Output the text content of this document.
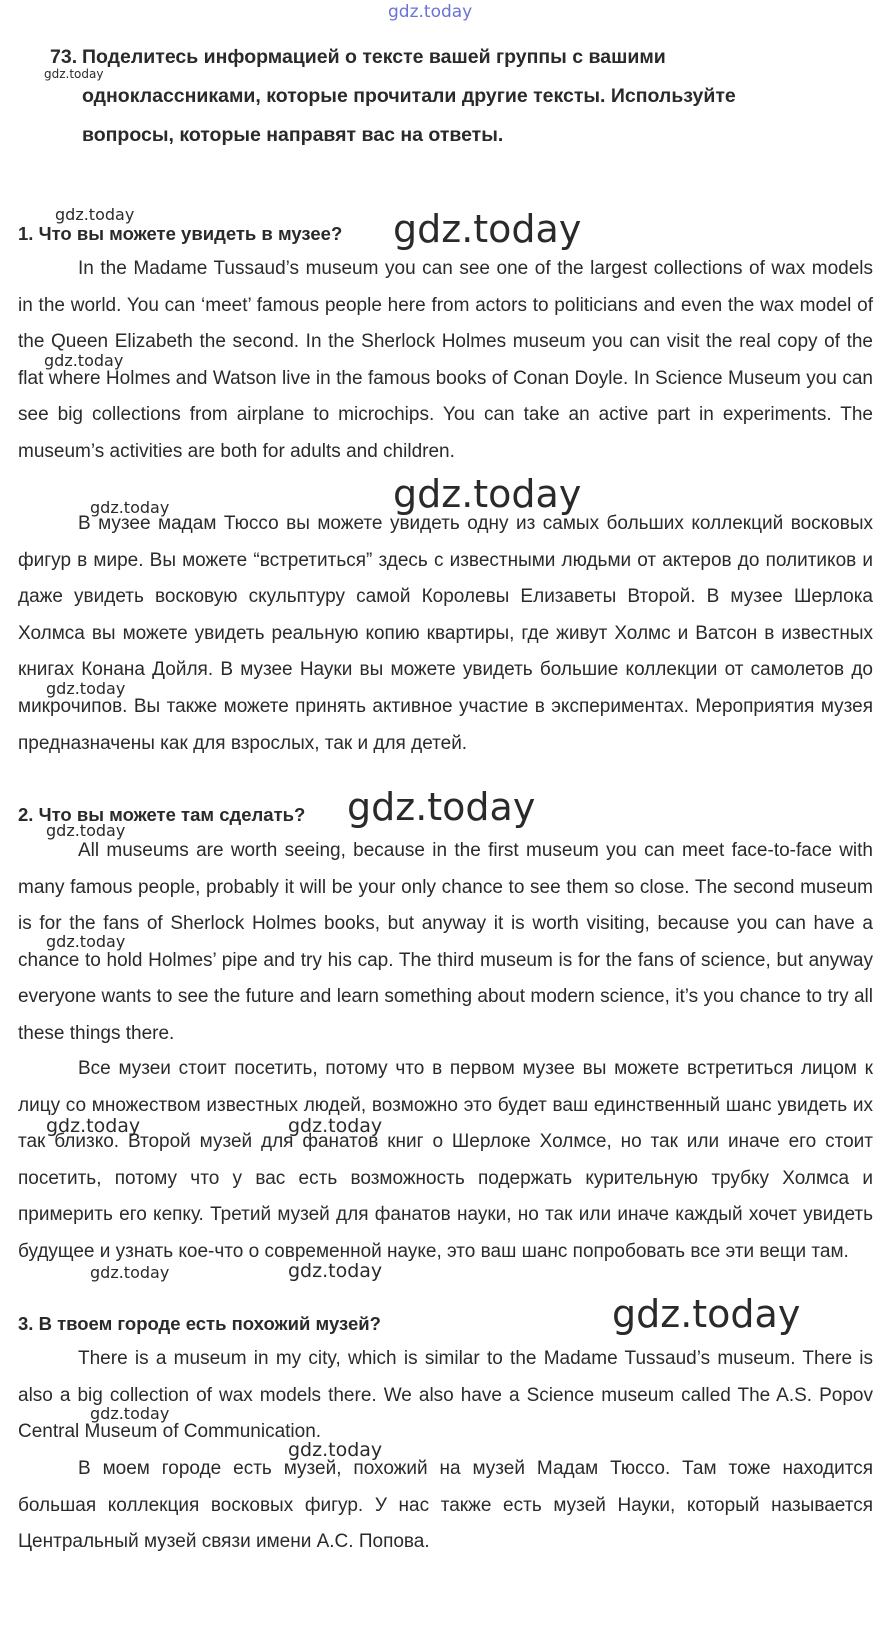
gdz.today
73. Поделитесь информацией о тексте вашей группы с вашими
одноклассниками, которые прочитали другие тексты. Используйте
вопросы, которые направят вас на ответы.
1. Что вы можете увидеть в музее?

In the Madame Tussaud’s museum you can see one of the largest collections of wax models in the world. You can ‘meet’ famous people here from actors to politicians and even the wax model of the Queen Elizabeth the second. In the Sherlock Holmes museum you can visit the real copy of the flat where Holmes and Watson live in the famous books of Conan Doyle. In Science Museum you can see big collections from airplane to microchips. You can take an active part in experiments. The museum’s activities are both for adults and children.

В музее мадам Тюссо вы можете увидеть одну из самых больших коллекций восковых фигур в мире. Вы можете “встретиться” здесь с известными людьми от актеров до политиков и даже увидеть восковую скульптуру самой Королевы Елизаветы Второй. В музее Шерлока Холмса вы можете увидеть реальную копию квартиры, где живут Холмс и Ватсон в известных книгах Конана Дойля. В музее Науки вы можете увидеть большие коллекции от самолетов до микрочипов. Вы также можете принять активное участие в экспериментах. Мероприятия музея предназначены как для взрослых, так и для детей.

2. Что вы можете там сделать?

All museums are worth seeing, because in the first museum you can meet face-to-face with many famous people, probably it will be your only chance to see them so close. The second museum is for the fans of Sherlock Holmes books, but anyway it is worth visiting, because you can have a chance to hold Holmes’ pipe and try his cap. The third museum is for the fans of science, but anyway everyone wants to see the future and learn something about modern science, it’s you chance to try all these things there.

Все музеи стоит посетить, потому что в первом музее вы можете встретиться лицом к лицу со множеством известных людей, возможно это будет ваш единственный шанс увидеть их так близко. Второй музей для фанатов книг о Шерлоке Холмсе, но так или иначе его стоит посетить, потому что у вас есть возможность подержать курительную трубку Холмса и примерить его кепку. Третий музей для фанатов науки, но так или иначе каждый хочет увидеть будущее и узнать кое-что о современной науке, это ваш шанс попробовать все эти вещи там.

3. В твоем городе есть похожий музей?

There is a museum in my city, which is similar to the Madame Tussaud’s museum. There is also a big collection of wax models there. We also have a Science museum called The A.S. Popov Central Museum of Communication.

В моем городе есть музей, похожий на музей Мадам Тюссо. Там тоже находится большая коллекция восковых фигур. У нас также есть музей Науки, который называется Центральный музей связи имени А.С. Попова.

gdz.today
gdz.today	gdz.today
gdz.today
gdz.today
gdz.today
gdz.today
gdz.today
gdz.today
gdz.today
gdz.today	gdz.today
gdz.today	gdz.today
gdz.today
gdz.today
gdz.today
